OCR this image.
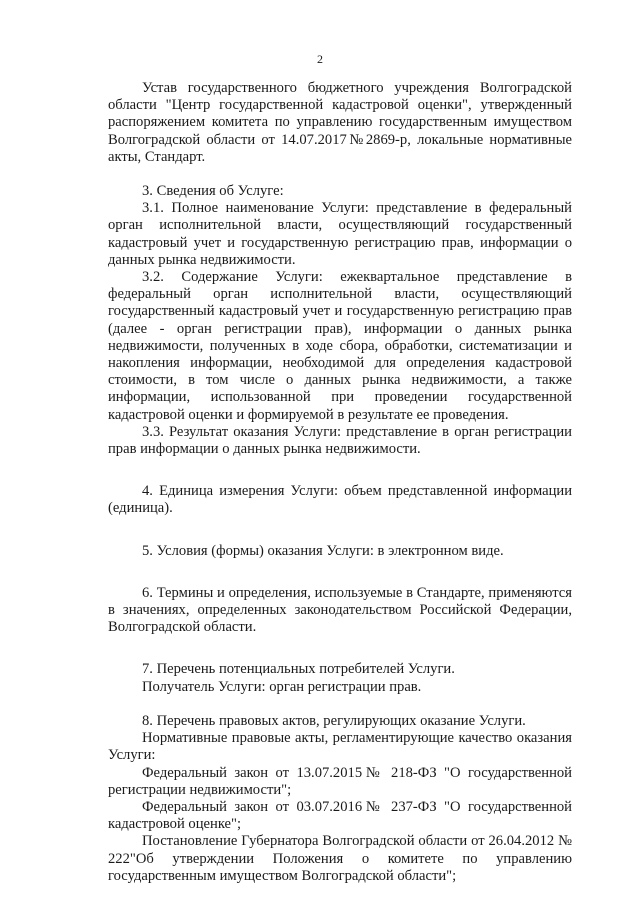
2

Устав государственного бюджетного учреждения Волгоградской области "Центр государственной кадастровой оценки", утвержденный распоряжением комитета по управлению государственным имуществом Волгоградской области от 14.07.2017№2869-р, локальные нормативные акты, Стандарт.

3. Сведения об Услуге:

3.1. Полное наименование Услуги: представление в федеральный орган исполнительной власти, осуществляющий государственный кадастровый учет и государственную регистрацию прав, информации о данных рынка недвижимости.

3.2. Содержание Услуги: ежеквартальное представление в федеральный орган исполнительной власти, осуществляющий государственный кадастровый учет и государственную регистрацию прав (далее - орган регистрации прав), информации о данных рынка недвижимости, полученных в ходе сбора, обработки, систематизации и накопления информации, необходимой для определения кадастровой стоимости, в том числе о данных рынка недвижимости, а также информации, использованной при проведении государственной кадастровой оценки и формируемой в результате ее проведения.

3.3. Результат оказания Услуги: представление в орган регистрации прав информации о данных рынка недвижимости.

4. Единица измерения Услуги: объем представленной информации (единица).

5. Условия (формы) оказания Услуги: в электронном виде.

6. Термины и определения, используемые в Стандарте, применяются в значениях, определенных законодательством Российской Федерации, Волгоградской области.

7. Перечень потенциальных потребителей Услуги.

Получатель Услуги: орган регистрации прав.

8. Перечень правовых актов, регулирующих оказание Услуги.

Нормативные правовые акты, регламентирующие качество оказания Услуги:

Федеральный закон от 13.07.2015№ 218-ФЗ "О государственной регистрации недвижимости";

Федеральный закон от 03.07.2016№ 237-ФЗ "О государственной кадастровой оценке";

Постановление Губернатора Волгоградской области от 26.04.2012 № 222"Об утверждении Положения о комитете по управлению государственным имуществом Волгоградской области";
